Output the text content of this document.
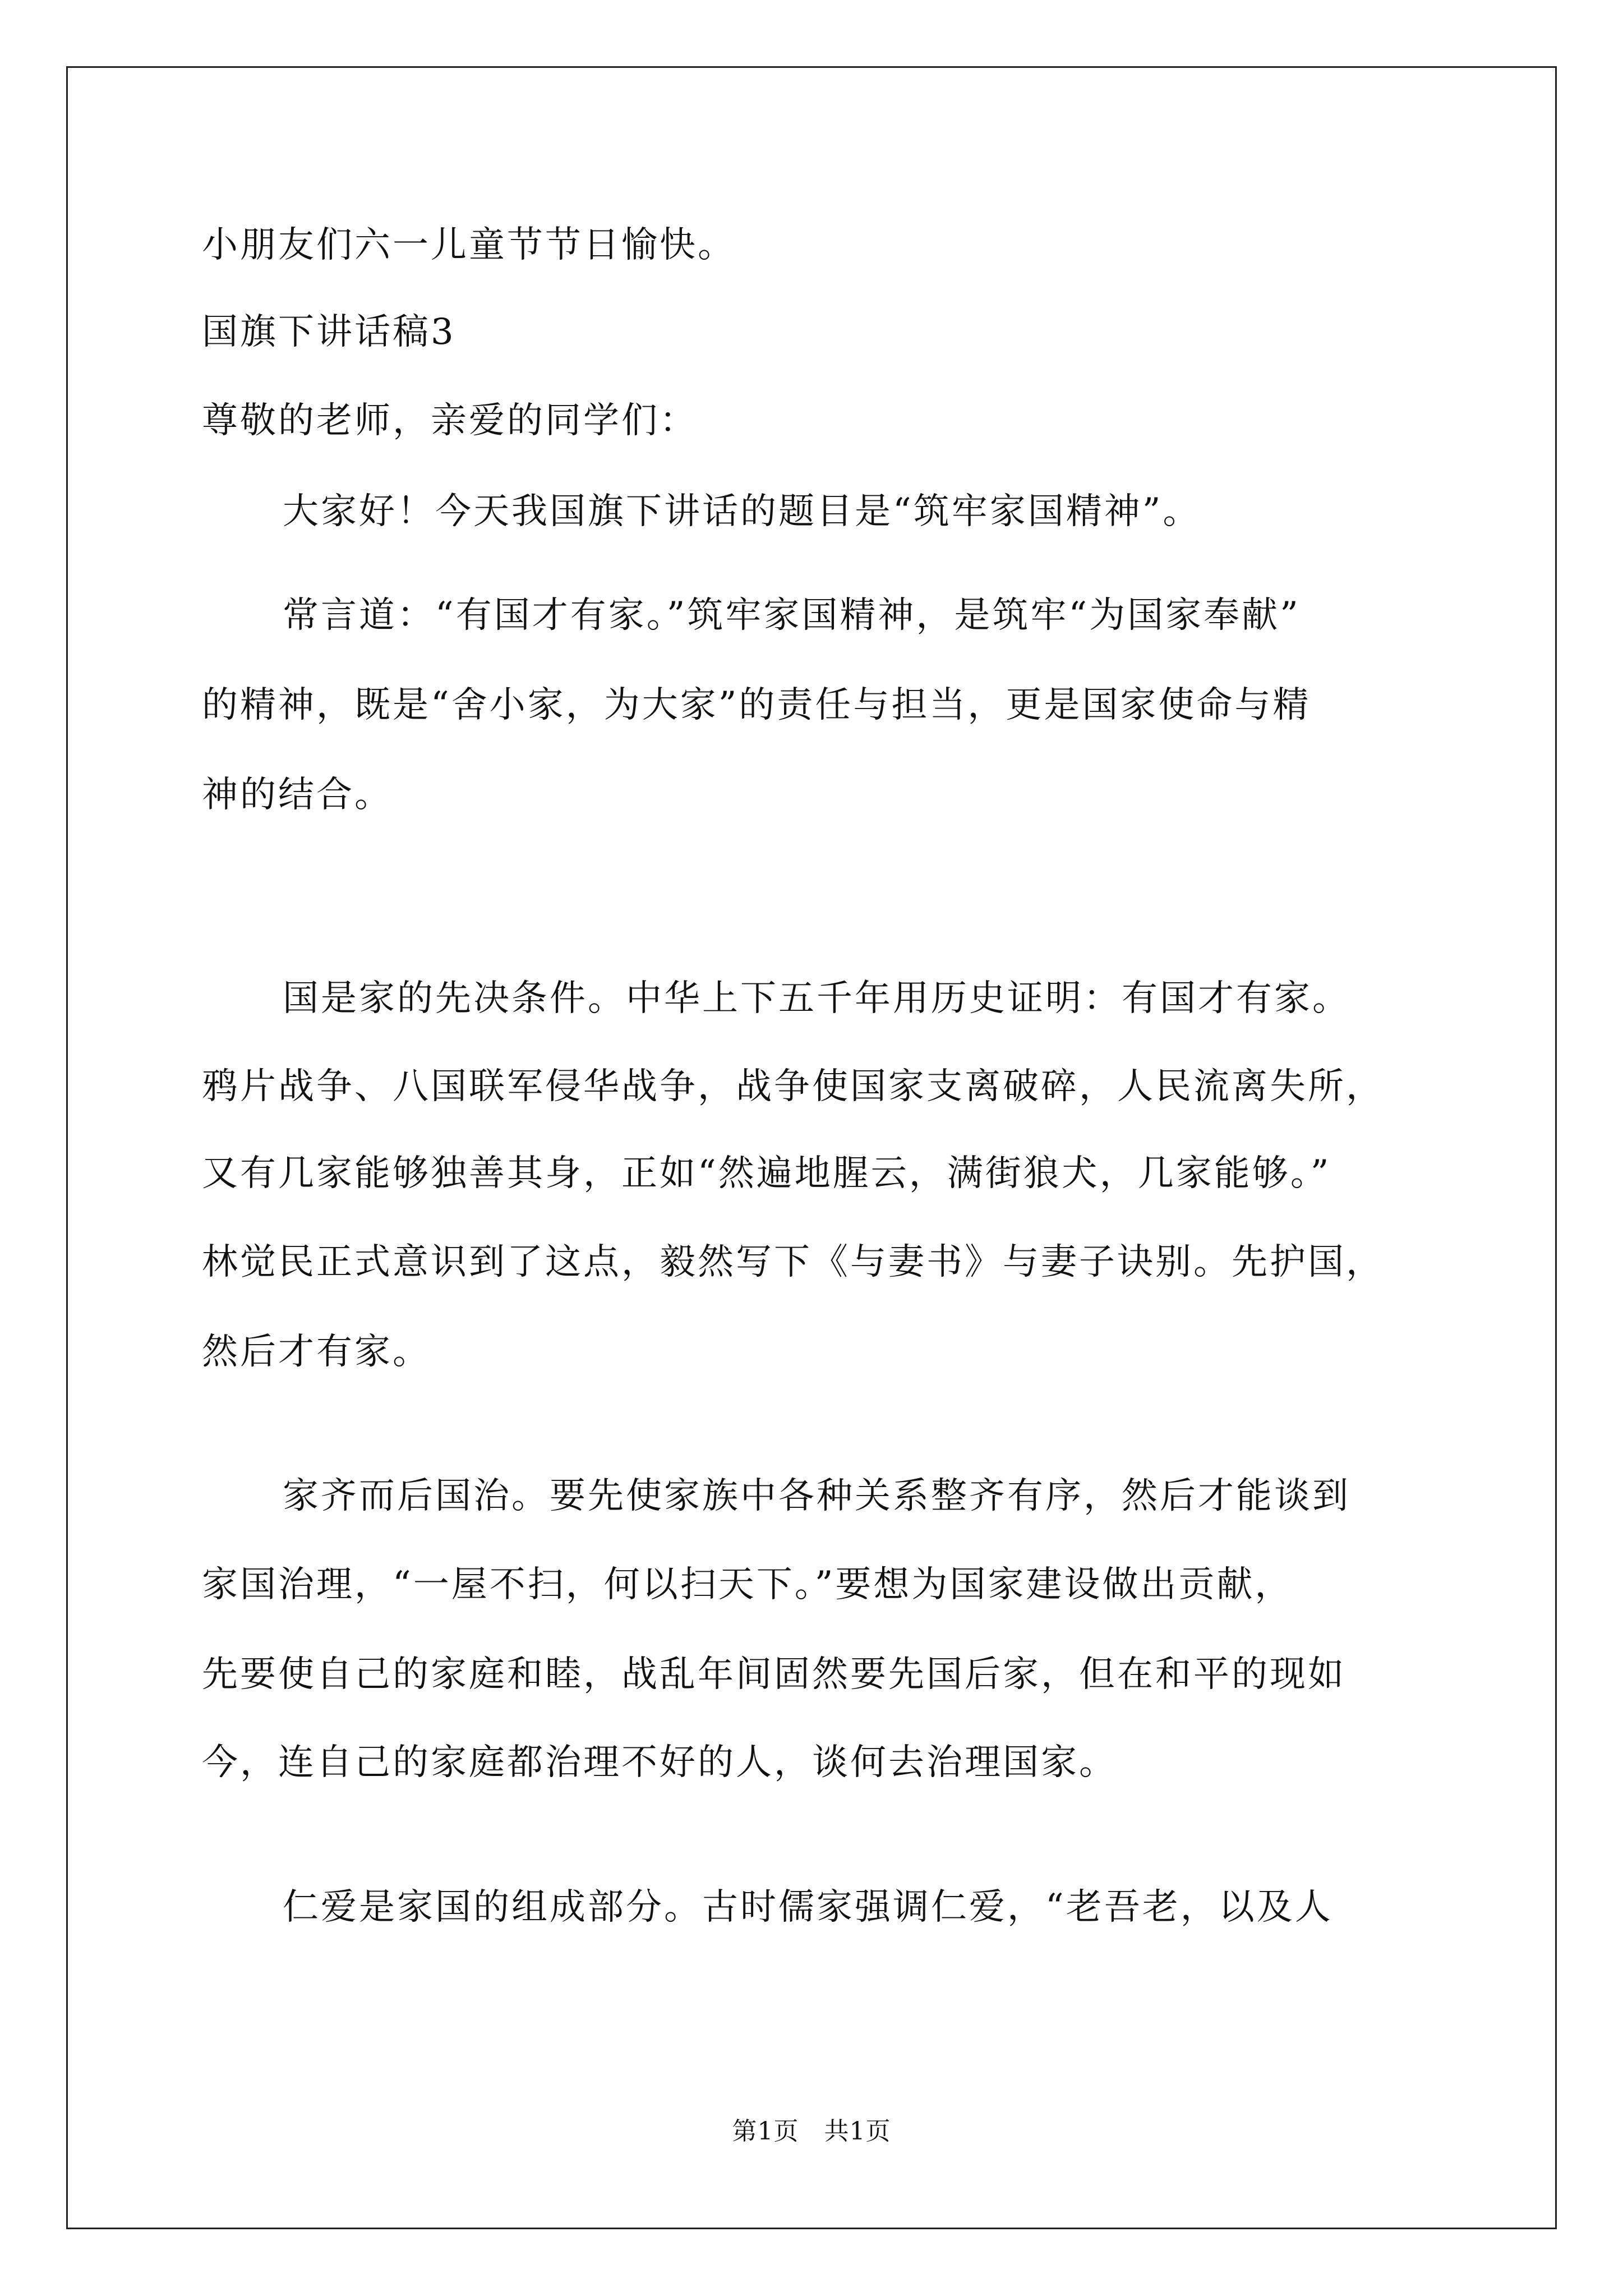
小朋友们六一儿童节节日愉快。
国旗下讲话稿3
尊敬的老师，亲爱的同学们：
大家好！今天我国旗下讲话的题目是“筑牢家国精神”。
常言道：“有国才有家。”筑牢家国精神，是筑牢“为国家奉献”
的精神，既是“舍小家，为大家”的责任与担当，更是国家使命与精
神的结合。
国是家的先决条件。中华上下五千年用历史证明：有国才有家。
鸦片战争、八国联军侵华战争，战争使国家支离破碎，人民流离失所，
又有几家能够独善其身，正如“然遍地腥云，满街狼犬，几家能够。”
林觉民正式意识到了这点，毅然写下《与妻书》与妻子诀别。先护国，
然后才有家。
家齐而后国治。要先使家族中各种关系整齐有序，然后才能谈到
家国治理，“一屋不扫，何以扫天下。”要想为国家建设做出贡献，
先要使自己的家庭和睦，战乱年间固然要先国后家，但在和平的现如
今，连自己的家庭都治理不好的人，谈何去治理国家。
仁爱是家国的组成部分。古时儒家强调仁爱，“老吾老，以及人
第1页　共1页
